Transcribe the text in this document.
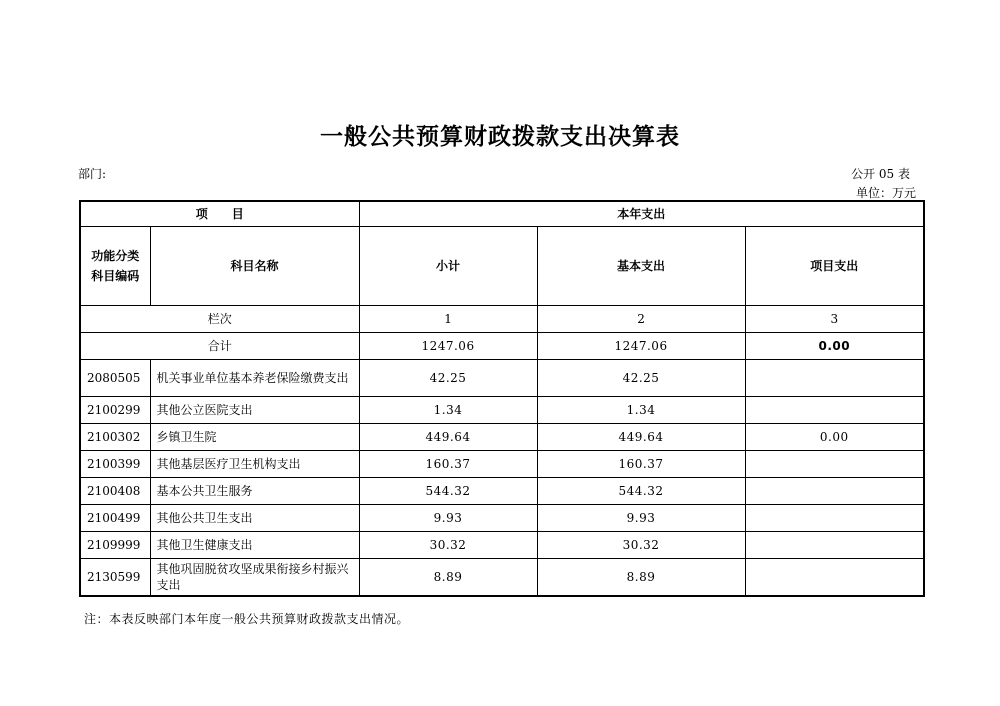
一般公共预算财政拨款支出决算表
部门:	公开 05 表
单位：万元
项　　目		本年支出		
功能分类
科目编码	科目名称	小计	基本支出	项目支出
栏次		1	2	3
合计		1247.06	1247.06	0.00
2080505	机关事业单位基本养老保险缴费支出	42.25	42.25	
2100299	其他公立医院支出	1.34	1.34	
2100302	乡镇卫生院	449.64	449.64	0.00
2100399	其他基层医疗卫生机构支出	160.37	160.37	
2100408	基本公共卫生服务	544.32	544.32	
2100499	其他公共卫生支出	9.93	9.93	
2109999	其他卫生健康支出	30.32	30.32	
2130599	其他巩固脱贫攻坚成果衔接乡村振兴支出	8.89	8.89	
注：本表反映部门本年度一般公共预算财政拨款支出情况。
